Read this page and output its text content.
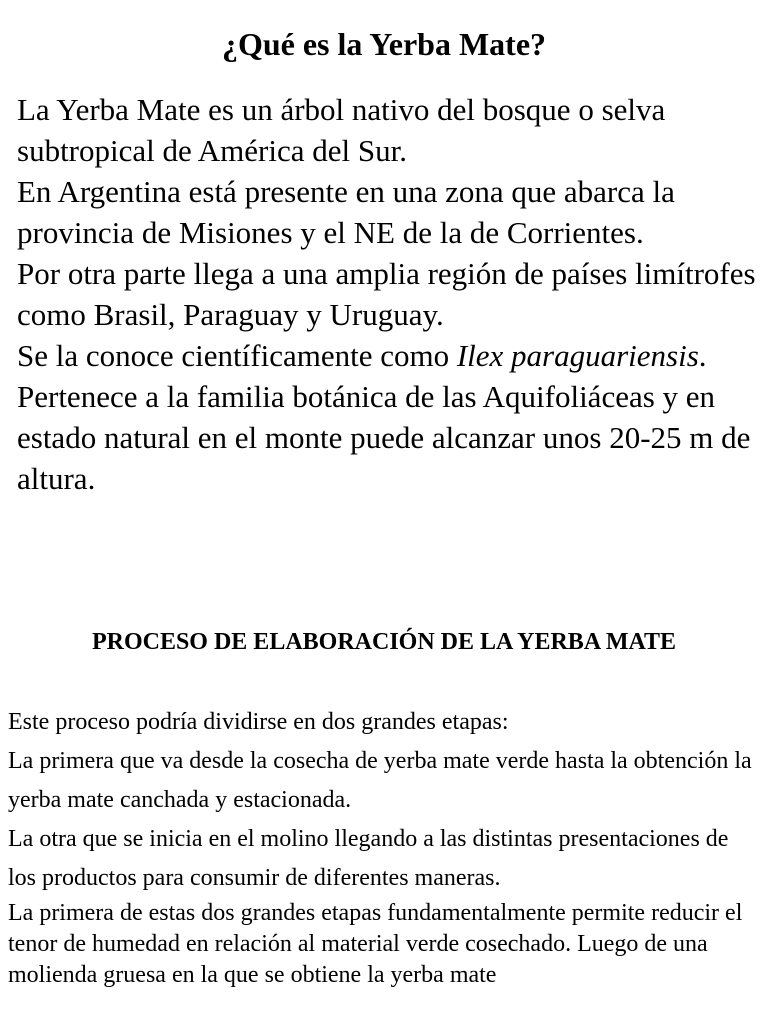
¿Qué es la Yerba Mate?

La Yerba Mate es un árbol nativo del bosque o selva subtropical de América del Sur.

En Argentina está presente en una zona que abarca la provincia de Misiones y el NE de la de Corrientes.

Por otra parte llega a una amplia región de países limítrofes como Brasil, Paraguay y Uruguay.

Se la conoce científicamente como Ilex paraguariensis.

Pertenece a la familia botánica de las Aquifoliáceas y en estado natural en el monte puede alcanzar unos 20-25 m de altura.

PROCESO DE ELABORACIÓN DE LA YERBA MATE

Este proceso podría dividirse en dos grandes etapas:

La primera que va desde la cosecha de yerba mate verde hasta la obtención la yerba mate canchada y estacionada.

La otra que se inicia en el molino llegando a las distintas presentaciones de los productos para consumir de diferentes maneras.

La primera de estas dos grandes etapas fundamentalmente permite reducir el tenor de humedad en relación al material verde cosechado. Luego de una molienda gruesa en la que se obtiene la yerba mate
